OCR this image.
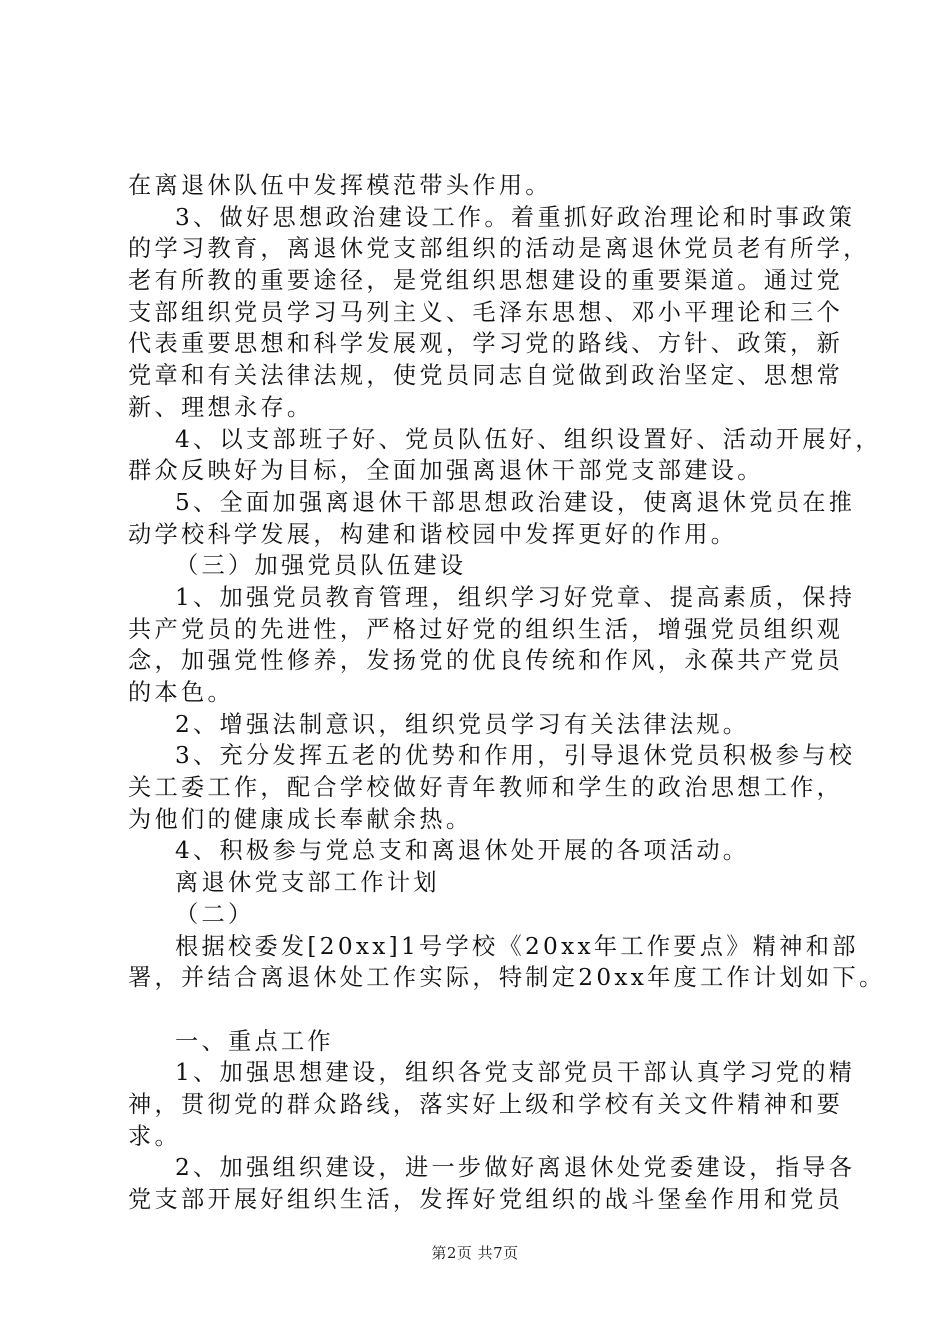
在离退休队伍中发挥模范带头作用。
3、做好思想政治建设工作。着重抓好政治理论和时事政策
的学习教育，离退休党支部组织的活动是离退休党员老有所学，
老有所教的重要途径，是党组织思想建设的重要渠道。通过党
支部组织党员学习马列主义、毛泽东思想、邓小平理论和三个
代表重要思想和科学发展观，学习党的路线、方针、政策，新
党章和有关法律法规，使党员同志自觉做到政治坚定、思想常
新、理想永存。
4、以支部班子好、党员队伍好、组织设置好、活动开展好，
群众反映好为目标，全面加强离退休干部党支部建设。
5、全面加强离退休干部思想政治建设，使离退休党员在推
动学校科学发展，构建和谐校园中发挥更好的作用。
（三）加强党员队伍建设
1、加强党员教育管理，组织学习好党章、提高素质，保持
共产党员的先进性，严格过好党的组织生活，增强党员组织观
念，加强党性修养，发扬党的优良传统和作风，永葆共产党员
的本色。
2、增强法制意识，组织党员学习有关法律法规。
3、充分发挥五老的优势和作用，引导退休党员积极参与校
关工委工作，配合学校做好青年教师和学生的政治思想工作，
为他们的健康成长奉献余热。
4、积极参与党总支和离退休处开展的各项活动。
离退休党支部工作计划
（二）
根据校委发[20xx]1号学校《20xx年工作要点》精神和部
署，并结合离退休处工作实际，特制定20xx年度工作计划如下。
一、重点工作
1、加强思想建设，组织各党支部党员干部认真学习党的精
神，贯彻党的群众路线，落实好上级和学校有关文件精神和要
求。
2、加强组织建设，进一步做好离退休处党委建设，指导各
党支部开展好组织生活，发挥好党组织的战斗堡垒作用和党员
第2页 共7页
